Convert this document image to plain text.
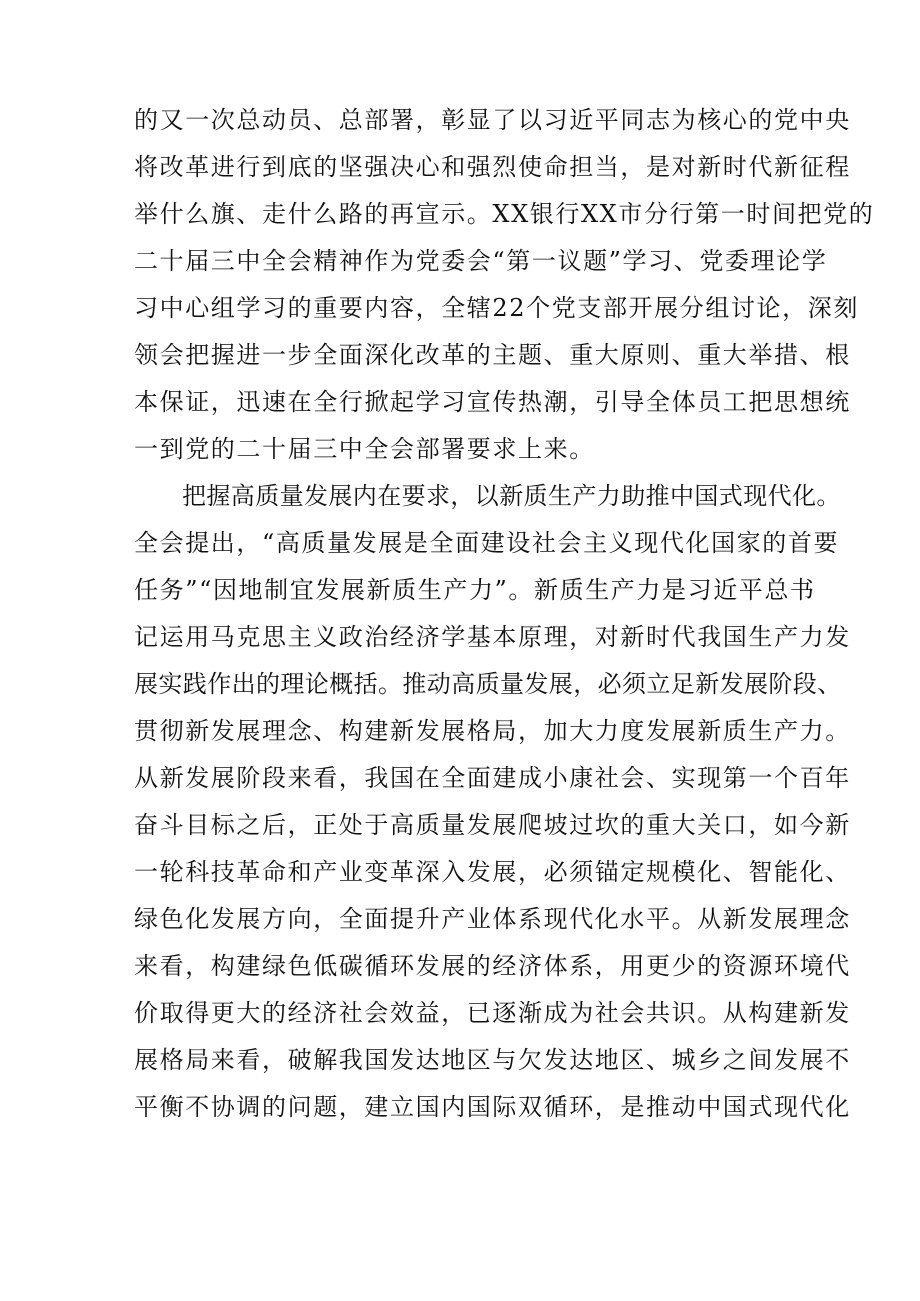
的又一次总动员、总部署，彰显了以习近平同志为核心的党中央
将改革进行到底的坚强决心和强烈使命担当，是对新时代新征程
举什么旗、走什么路的再宣示。XX银行XX市分行第一时间把党的
二十届三中全会精神作为党委会“第一议题”学习、党委理论学
习中心组学习的重要内容，全辖22个党支部开展分组讨论，深刻
领会把握进一步全面深化改革的主题、重大原则、重大举措、根
本保证，迅速在全行掀起学习宣传热潮，引导全体员工把思想统
一到党的二十届三中全会部署要求上来。
把握高质量发展内在要求，以新质生产力助推中国式现代化。
全会提出，“高质量发展是全面建设社会主义现代化国家的首要
任务”“因地制宜发展新质生产力”。新质生产力是习近平总书
记运用马克思主义政治经济学基本原理，对新时代我国生产力发
展实践作出的理论概括。推动高质量发展，必须立足新发展阶段、
贯彻新发展理念、构建新发展格局，加大力度发展新质生产力。
从新发展阶段来看，我国在全面建成小康社会、实现第一个百年
奋斗目标之后，正处于高质量发展爬坡过坎的重大关口，如今新
一轮科技革命和产业变革深入发展，必须锚定规模化、智能化、
绿色化发展方向，全面提升产业体系现代化水平。从新发展理念
来看，构建绿色低碳循环发展的经济体系，用更少的资源环境代
价取得更大的经济社会效益，已逐渐成为社会共识。从构建新发
展格局来看，破解我国发达地区与欠发达地区、城乡之间发展不
平衡不协调的问题，建立国内国际双循环，是推动中国式现代化
